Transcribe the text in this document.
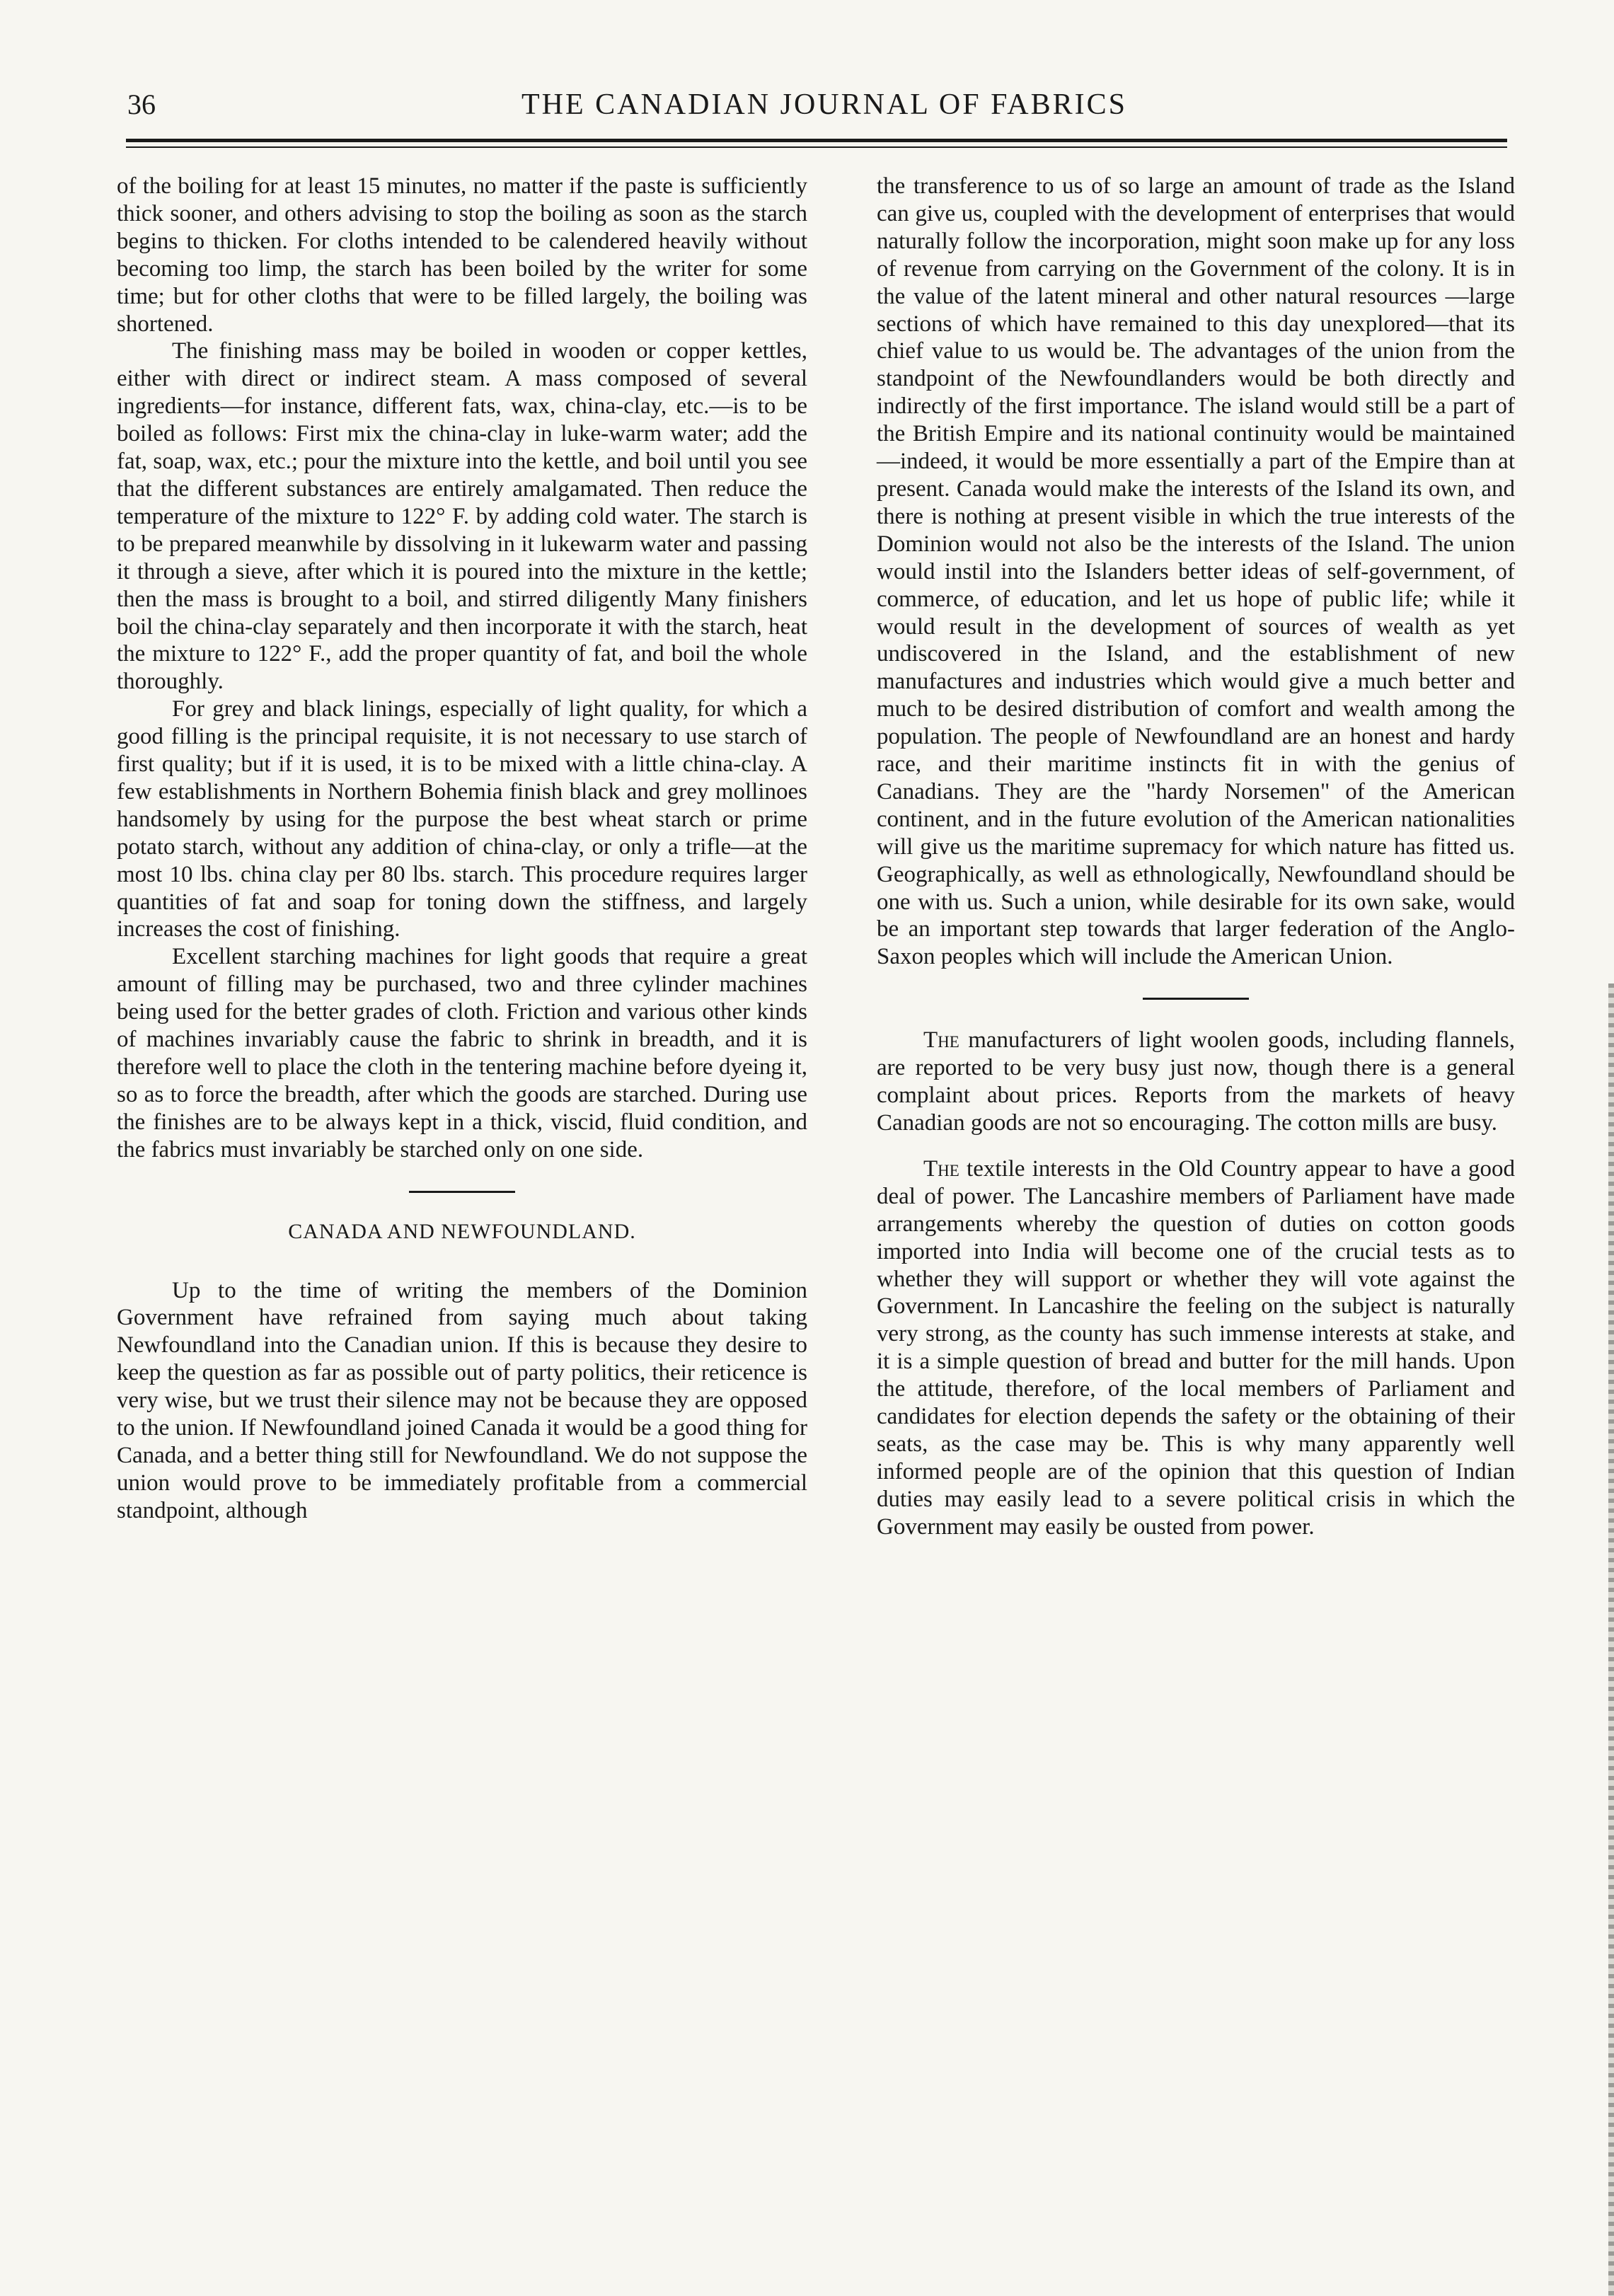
36	THE CANADIAN JOURNAL OF FABRICS

of the boiling for at least 15 minutes, no matter if the paste is sufficiently thick sooner, and others advising to stop the boiling as soon as the starch begins to thicken. For cloths intended to be calendered heavily without becoming too limp, the starch has been boiled by the writer for some time; but for other cloths that were to be filled largely, the boiling was shortened.

The finishing mass may be boiled in wooden or copper kettles, either with direct or indirect steam. A mass composed of several ingredients—for instance, different fats, wax, china-clay, etc.—is to be boiled as follows: First mix the china-clay in luke-warm water; add the fat, soap, wax, etc.; pour the mixture into the kettle, and boil until you see that the different substances are entirely amalgamated. Then reduce the temperature of the mixture to 122° F. by adding cold water. The starch is to be prepared meanwhile by dissolving in it lukewarm water and passing it through a sieve, after which it is poured into the mixture in the kettle; then the mass is brought to a boil, and stirred diligently Many finishers boil the china-clay separately and then incorporate it with the starch, heat the mixture to 122° F., add the proper quantity of fat, and boil the whole thoroughly.

For grey and black linings, especially of light quality, for which a good filling is the principal requisite, it is not necessary to use starch of first quality; but if it is used, it is to be mixed with a little china-clay. A few establishments in Northern Bohemia finish black and grey mollinoes handsomely by using for the purpose the best wheat starch or prime potato starch, without any addition of china-clay, or only a trifle—at the most 10 lbs. china clay per 80 lbs. starch. This procedure requires larger quantities of fat and soap for toning down the stiffness, and largely increases the cost of finishing.

Excellent starching machines for light goods that require a great amount of filling may be purchased, two and three cylinder machines being used for the better grades of cloth. Friction and various other kinds of machines invariably cause the fabric to shrink in breadth, and it is therefore well to place the cloth in the tentering machine before dyeing it, so as to force the breadth, after which the goods are starched. During use the finishes are to be always kept in a thick, viscid, fluid condition, and the fabrics must invariably be starched only on one side.

CANADA AND NEWFOUNDLAND.

Up to the time of writing the members of the Dominion Government have refrained from saying much about taking Newfoundland into the Canadian union. If this is because they desire to keep the question as far as possible out of party politics, their reticence is very wise, but we trust their silence may not be because they are opposed to the union. If Newfoundland joined Canada it would be a good thing for Canada, and a better thing still for Newfoundland. We do not suppose the union would prove to be immediately profitable from a commercial standpoint, although

the transference to us of so large an amount of trade as the Island can give us, coupled with the development of enterprises that would naturally follow the incorporation, might soon make up for any loss of revenue from carrying on the Government of the colony. It is in the value of the latent mineral and other natural resources —large sections of which have remained to this day unexplored—that its chief value to us would be. The advantages of the union from the standpoint of the Newfoundlanders would be both directly and indirectly of the first importance. The island would still be a part of the British Empire and its national continuity would be maintained—indeed, it would be more essentially a part of the Empire than at present. Canada would make the interests of the Island its own, and there is nothing at present visible in which the true interests of the Dominion would not also be the interests of the Island. The union would instil into the Islanders better ideas of self-government, of commerce, of education, and let us hope of public life; while it would result in the development of sources of wealth as yet undiscovered in the Island, and the establishment of new manufactures and industries which would give a much better and much to be desired distribution of comfort and wealth among the population. The people of Newfoundland are an honest and hardy race, and their maritime instincts fit in with the genius of Canadians. They are the "hardy Norsemen" of the American continent, and in the future evolution of the American nationalities will give us the maritime supremacy for which nature has fitted us. Geographically, as well as ethnologically, Newfoundland should be one with us. Such a union, while desirable for its own sake, would be an important step towards that larger federation of the Anglo-Saxon peoples which will include the American Union.

The manufacturers of light woolen goods, including flannels, are reported to be very busy just now, though there is a general complaint about prices. Reports from the markets of heavy Canadian goods are not so encouraging. The cotton mills are busy.

The textile interests in the Old Country appear to have a good deal of power. The Lancashire members of Parliament have made arrangements whereby the question of duties on cotton goods imported into India will become one of the crucial tests as to whether they will support or whether they will vote against the Government. In Lancashire the feeling on the subject is naturally very strong, as the county has such immense interests at stake, and it is a simple question of bread and butter for the mill hands. Upon the attitude, therefore, of the local members of Parliament and candidates for election depends the safety or the obtaining of their seats, as the case may be. This is why many apparently well informed people are of the opinion that this question of Indian duties may easily lead to a severe political crisis in which the Government may easily be ousted from power.
